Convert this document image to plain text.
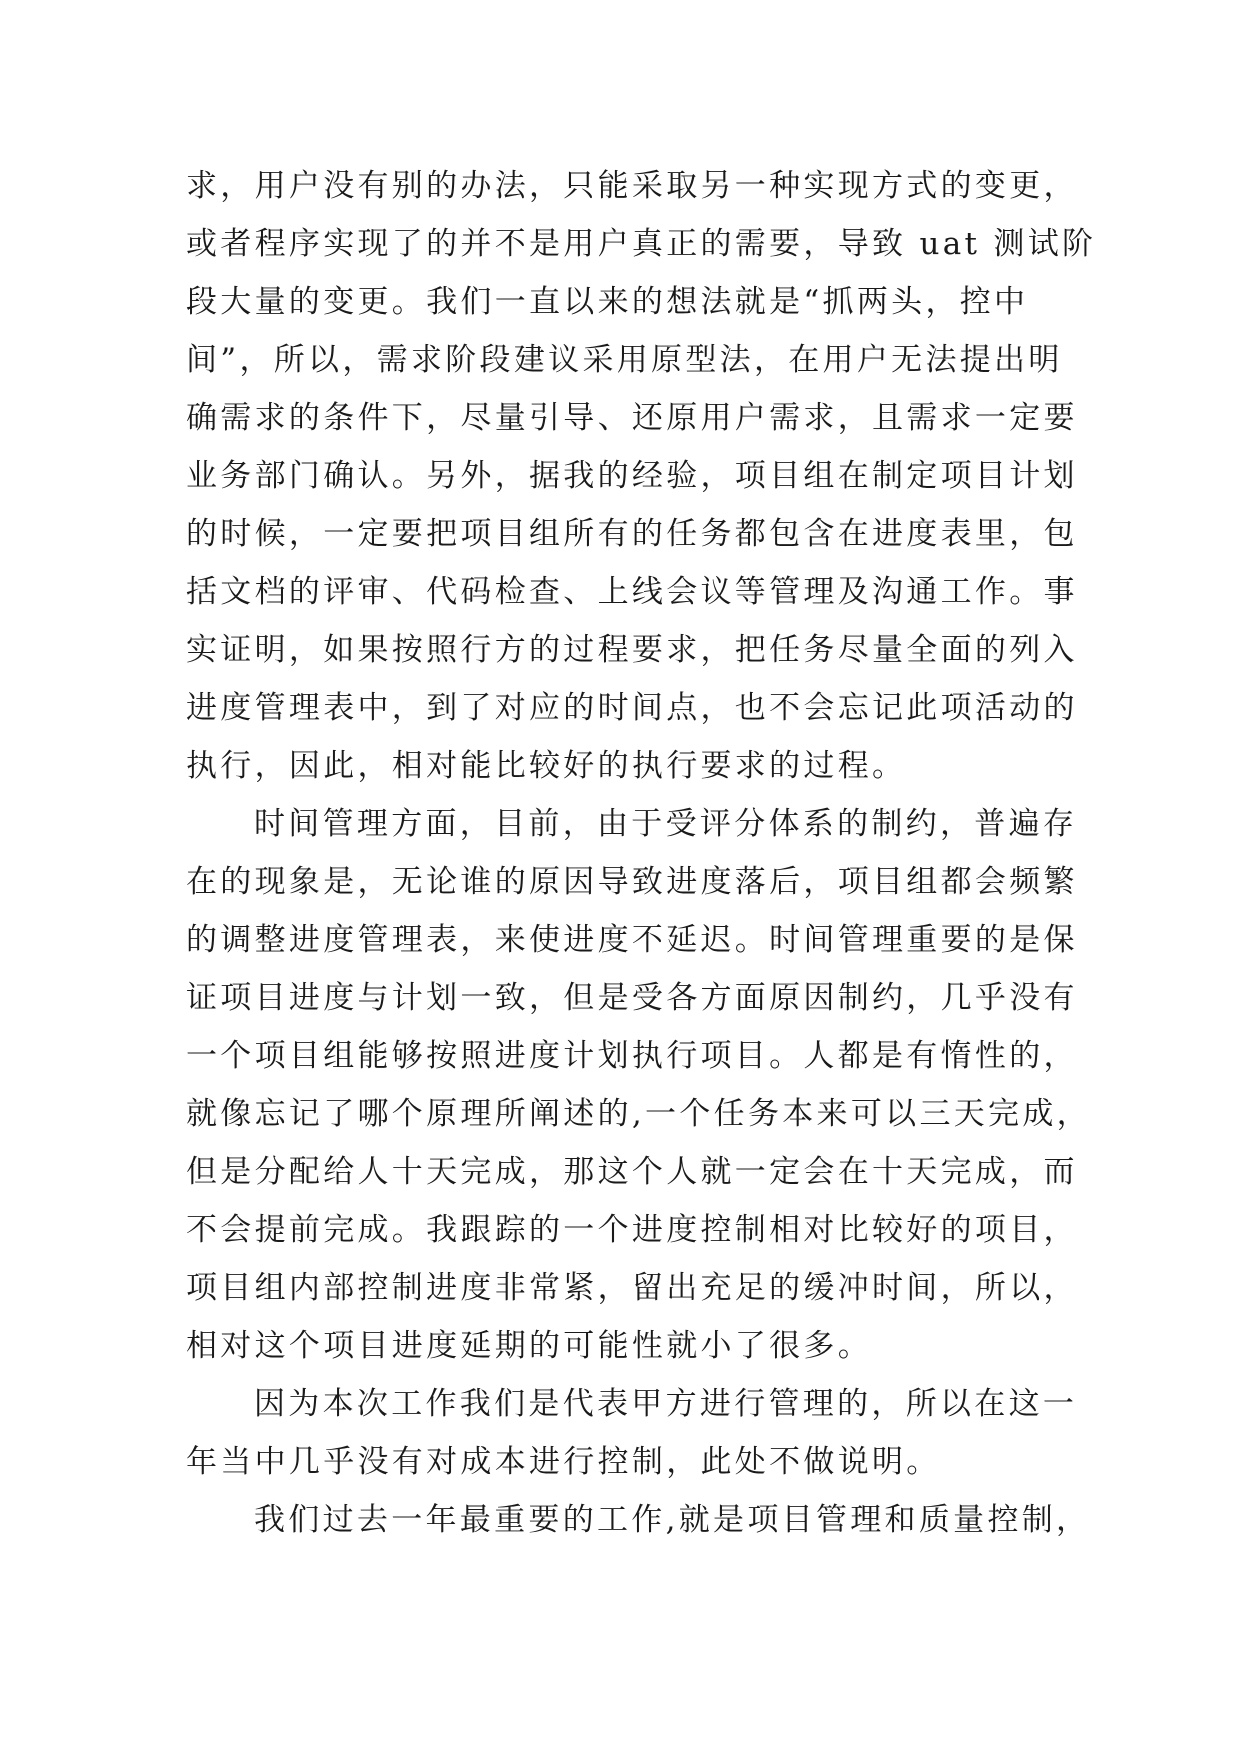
求，用户没有别的办法，只能采取另一种实现方式的变更，
或者程序实现了的并不是用户真正的需要，导致 uat 测试阶
段大量的变更。我们一直以来的想法就是“抓两头，控中
间”，所以，需求阶段建议采用原型法，在用户无法提出明
确需求的条件下，尽量引导、还原用户需求，且需求一定要
业务部门确认。另外，据我的经验，项目组在制定项目计划
的时候，一定要把项目组所有的任务都包含在进度表里，包
括文档的评审、代码检查、上线会议等管理及沟通工作。事
实证明，如果按照行方的过程要求，把任务尽量全面的列入
进度管理表中，到了对应的时间点，也不会忘记此项活动的
执行，因此，相对能比较好的执行要求的过程。
时间管理方面，目前，由于受评分体系的制约，普遍存
在的现象是，无论谁的原因导致进度落后，项目组都会频繁
的调整进度管理表，来使进度不延迟。时间管理重要的是保
证项目进度与计划一致，但是受各方面原因制约，几乎没有
一个项目组能够按照进度计划执行项目。人都是有惰性的，
就像忘记了哪个原理所阐述的,一个任务本来可以三天完成，
但是分配给人十天完成，那这个人就一定会在十天完成，而
不会提前完成。我跟踪的一个进度控制相对比较好的项目，
项目组内部控制进度非常紧，留出充足的缓冲时间，所以，
相对这个项目进度延期的可能性就小了很多。
因为本次工作我们是代表甲方进行管理的，所以在这一
年当中几乎没有对成本进行控制，此处不做说明。
我们过去一年最重要的工作,就是项目管理和质量控制，
